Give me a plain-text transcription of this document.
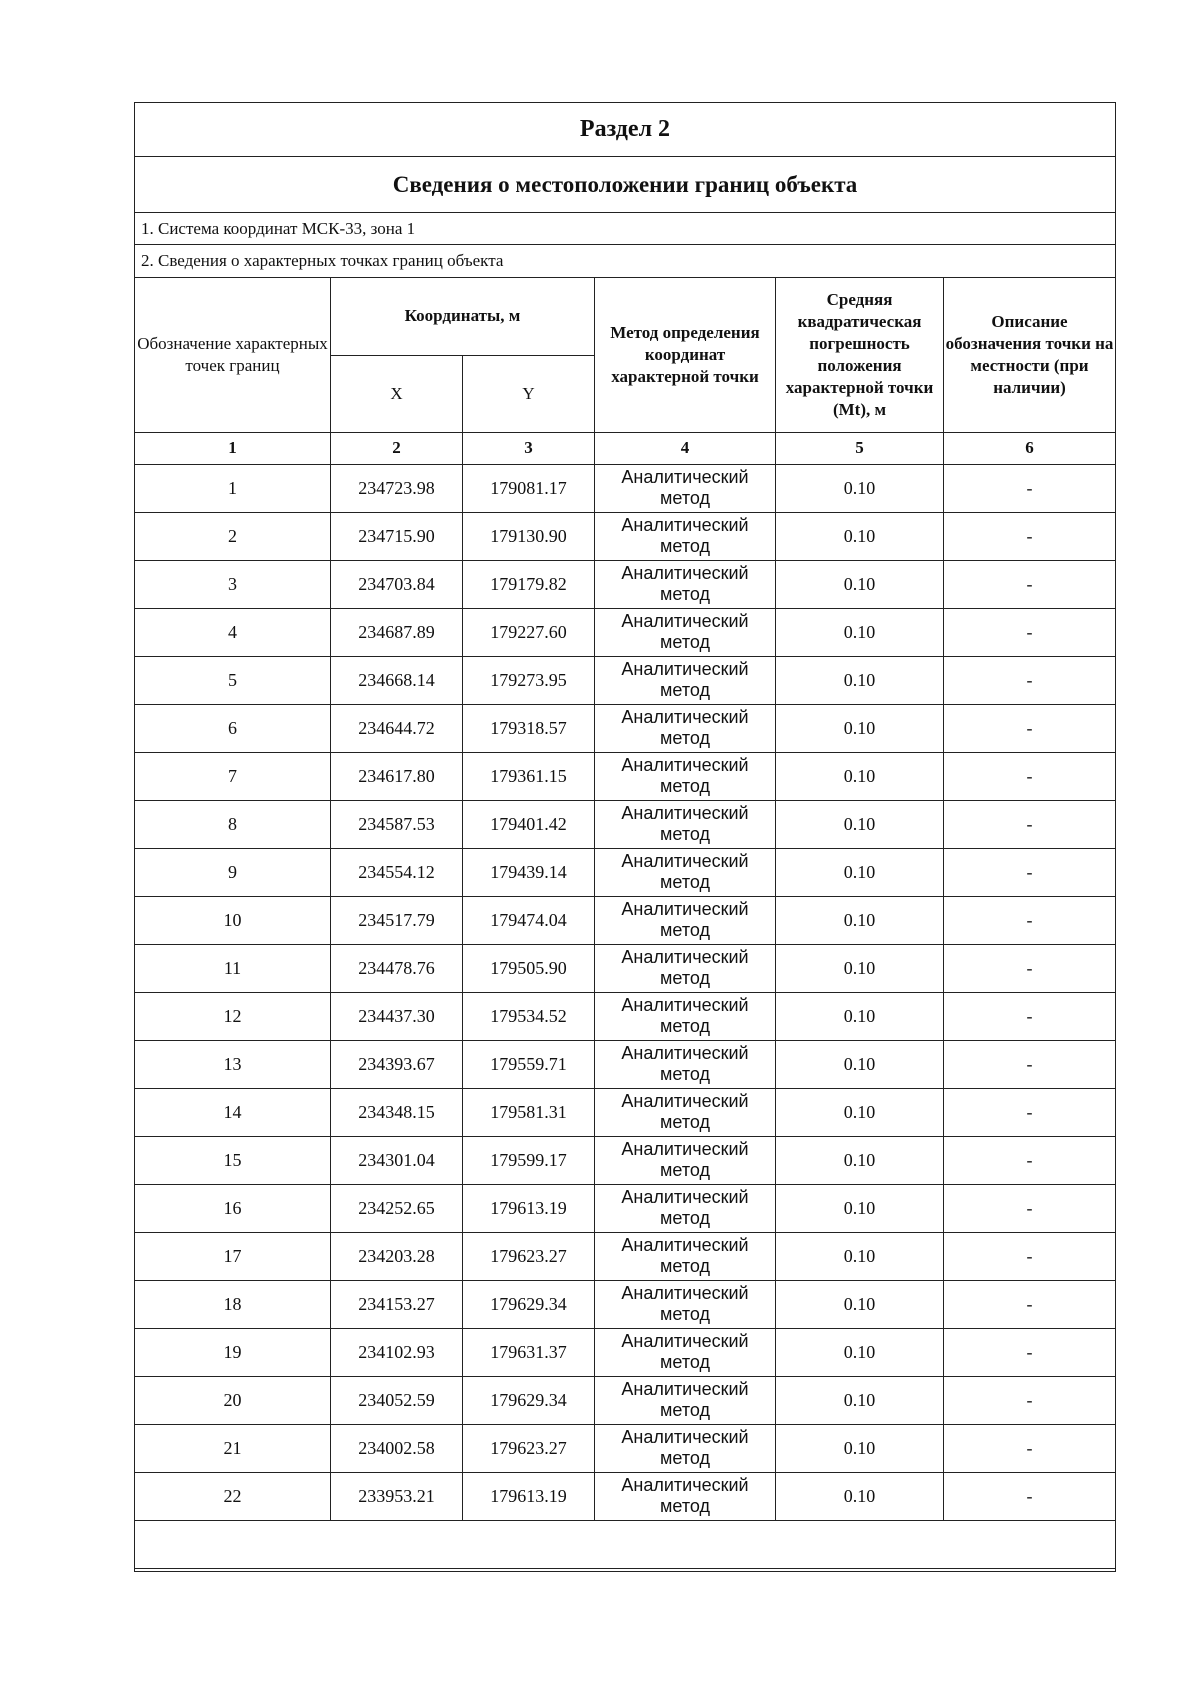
Раздел 2
Сведения о местоположении границ объекта
1. Система координат МСК-33, зона 1
2. Сведения о характерных точках границ объекта
Обозначение характерных точек границ	Координаты, м		Метод определения координат характерной точки	Средняя квадратическая погрешность положения характерной точки (Mt), м	Описание обозначения точки на местности (при наличии)
	X	Y			
1	2	3	4	5	6
1	234723.98	179081.17	Аналитический метод	0.10	-
2	234715.90	179130.90	Аналитический метод	0.10	-
3	234703.84	179179.82	Аналитический метод	0.10	-
4	234687.89	179227.60	Аналитический метод	0.10	-
5	234668.14	179273.95	Аналитический метод	0.10	-
6	234644.72	179318.57	Аналитический метод	0.10	-
7	234617.80	179361.15	Аналитический метод	0.10	-
8	234587.53	179401.42	Аналитический метод	0.10	-
9	234554.12	179439.14	Аналитический метод	0.10	-
10	234517.79	179474.04	Аналитический метод	0.10	-
11	234478.76	179505.90	Аналитический метод	0.10	-
12	234437.30	179534.52	Аналитический метод	0.10	-
13	234393.67	179559.71	Аналитический метод	0.10	-
14	234348.15	179581.31	Аналитический метод	0.10	-
15	234301.04	179599.17	Аналитический метод	0.10	-
16	234252.65	179613.19	Аналитический метод	0.10	-
17	234203.28	179623.27	Аналитический метод	0.10	-
18	234153.27	179629.34	Аналитический метод	0.10	-
19	234102.93	179631.37	Аналитический метод	0.10	-
20	234052.59	179629.34	Аналитический метод	0.10	-
21	234002.58	179623.27	Аналитический метод	0.10	-
22	233953.21	179613.19	Аналитический метод	0.10	-
